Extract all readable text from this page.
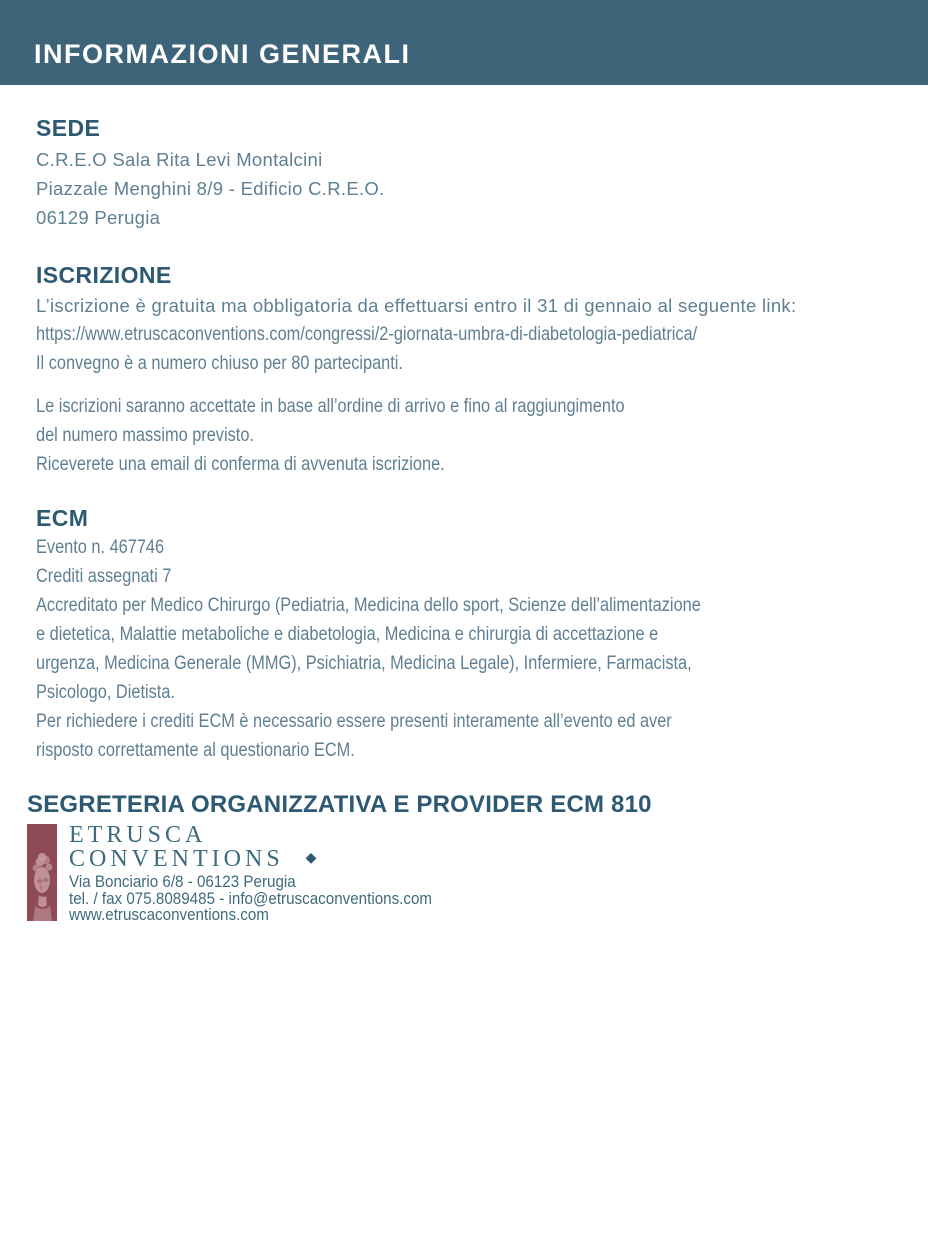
INFORMAZIONI GENERALI
SEDE
C.R.E.O Sala Rita Levi Montalcini
Piazzale Menghini 8/9 - Edificio C.R.E.O.
06129 Perugia
ISCRIZIONE
L’iscrizione è gratuita ma obbligatoria da effettuarsi entro il 31 di gennaio al seguente link:
https://www.etruscaconventions.com/congressi/2-giornata-umbra-di-diabetologia-pediatrica/
Il convegno è a numero chiuso per 80 partecipanti.
Le iscrizioni saranno accettate in base all’ordine di arrivo e fino al raggiungimento
del numero massimo previsto.
Riceverete una email di conferma di avvenuta iscrizione.
ECM
Evento n. 467746
Crediti assegnati 7
Accreditato per Medico Chirurgo (Pediatria, Medicina dello sport, Scienze dell’alimentazione
e dietetica, Malattie metaboliche e diabetologia, Medicina e chirurgia di accettazione e
urgenza, Medicina Generale (MMG), Psichiatria, Medicina Legale), Infermiere, Farmacista,
Psicologo, Dietista.
Per richiedere i crediti ECM è necessario essere presenti interamente all’evento ed aver
risposto correttamente al questionario ECM.
SEGRETERIA ORGANIZZATIVA E PROVIDER ECM 810
ETRUSCA
CONVENTIONS ◆
Via Bonciario 6/8 - 06123 Perugia
tel. / fax 075.8089485 - info@etruscaconventions.com
www.etruscaconventions.com
